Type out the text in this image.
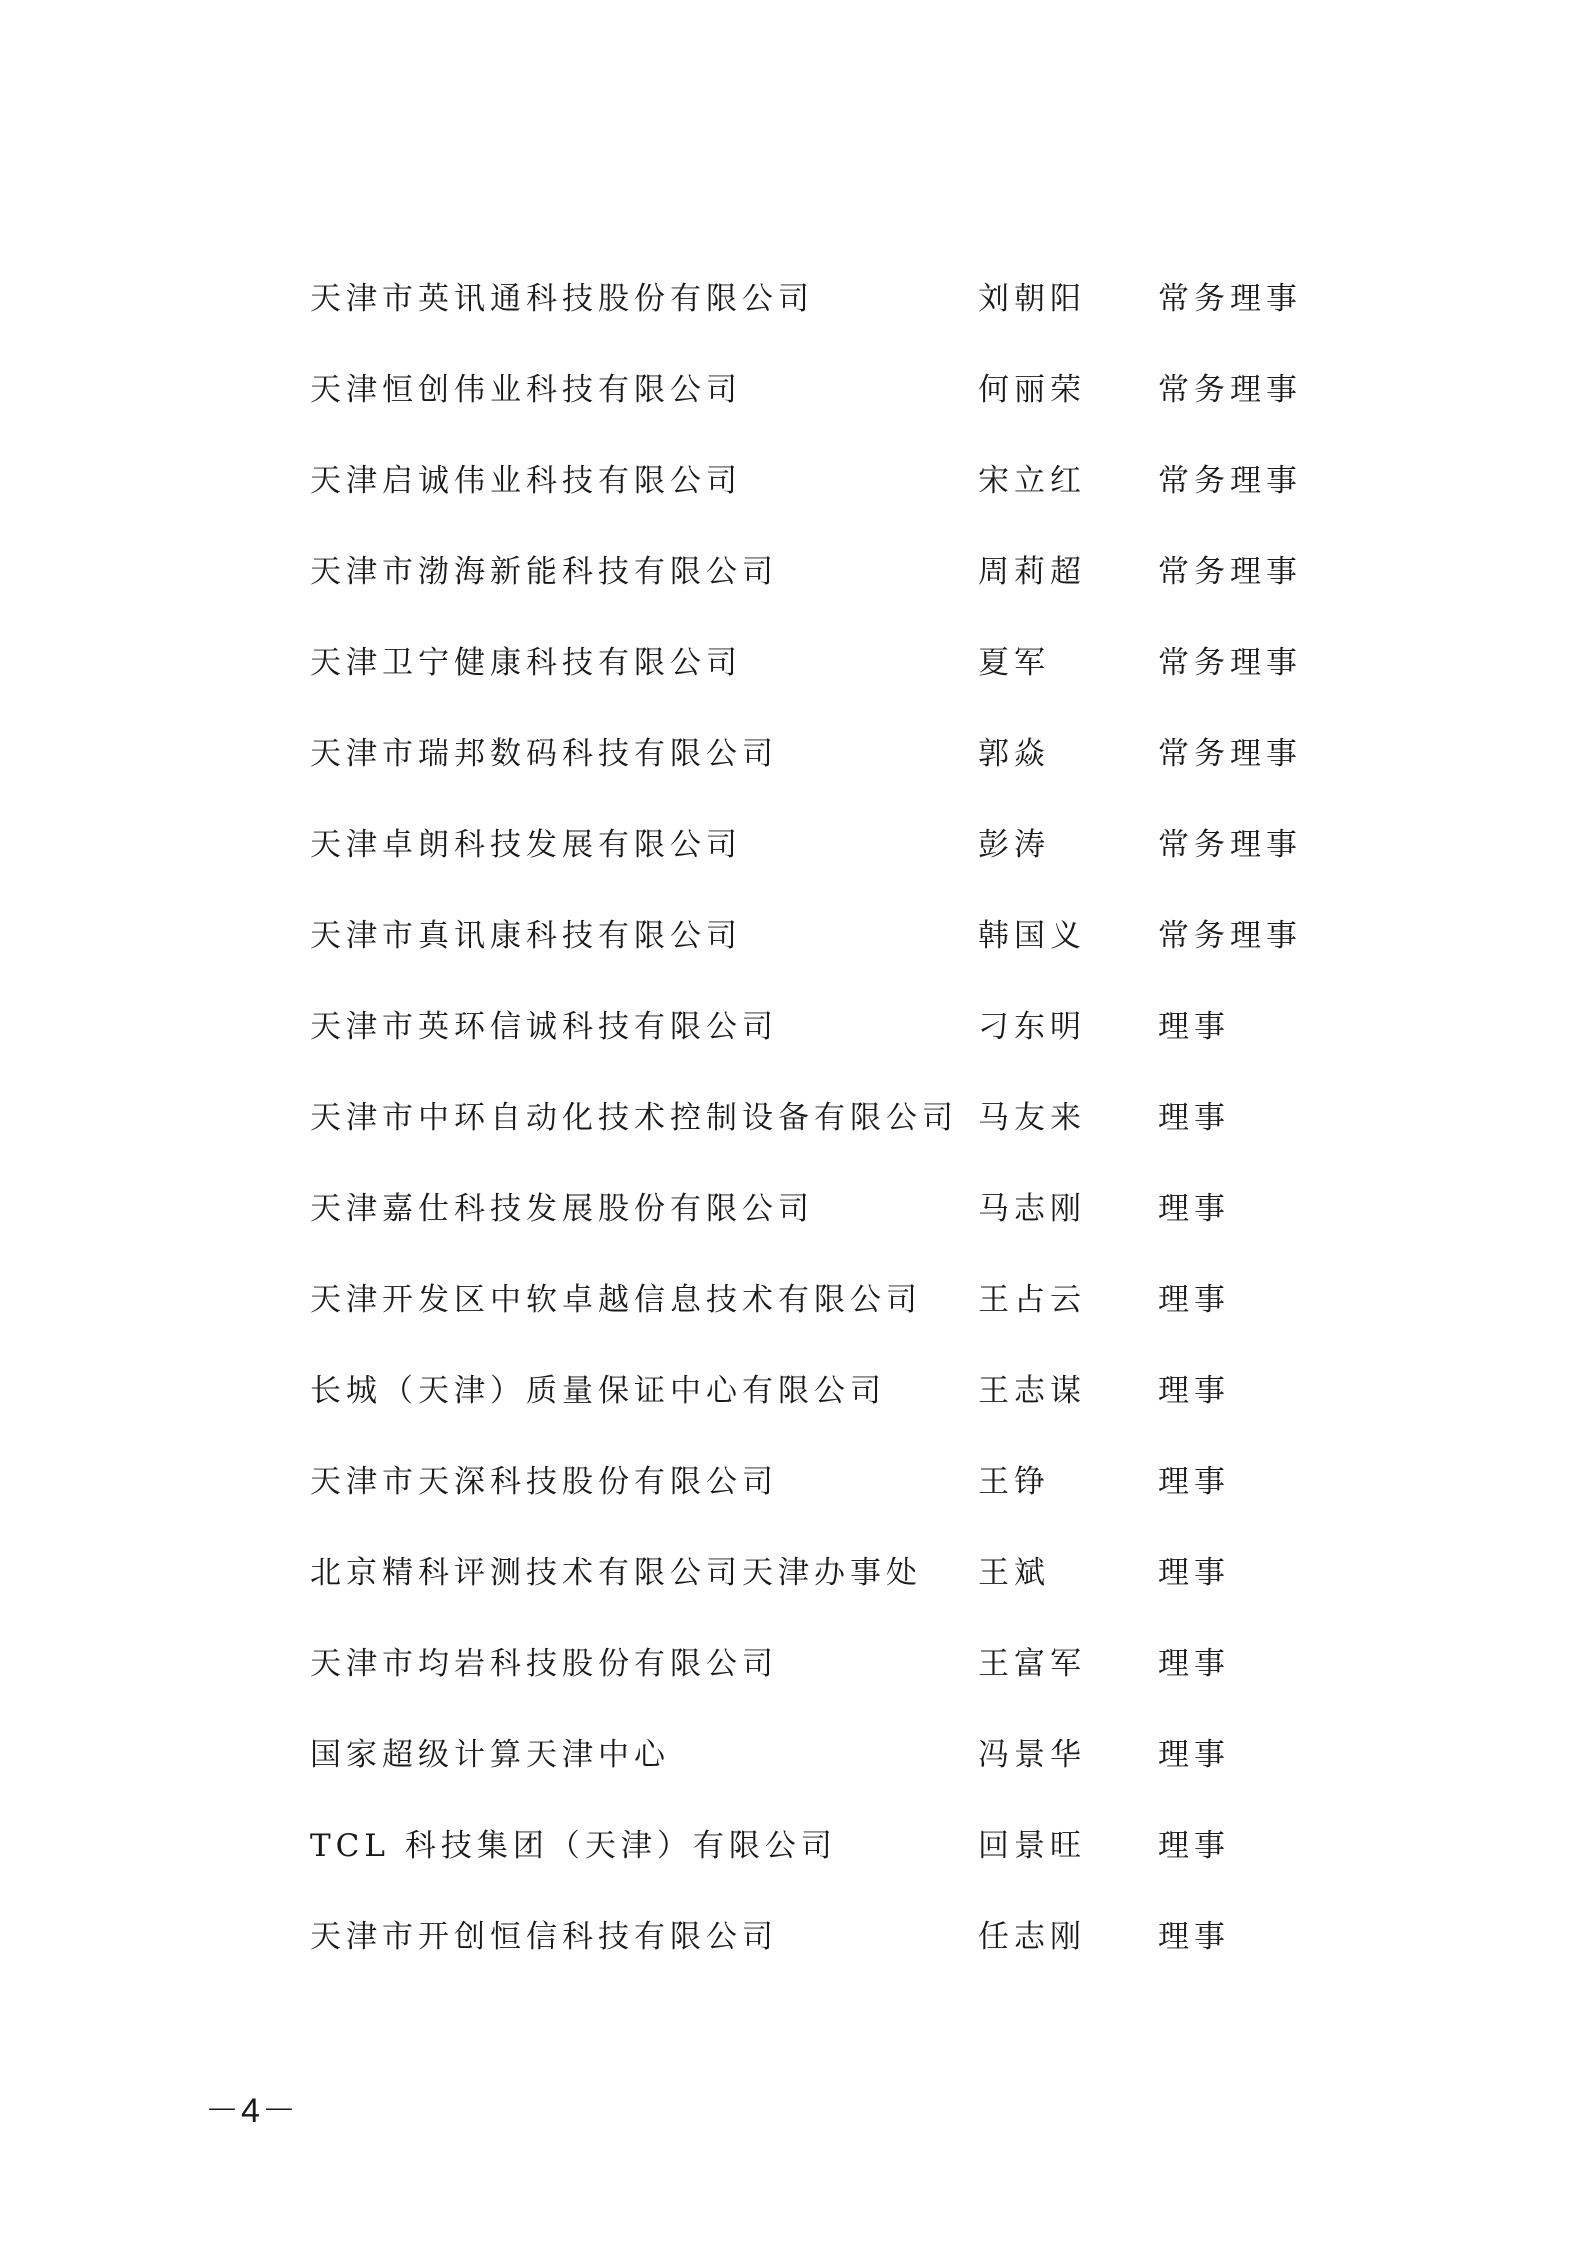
天津市英讯通科技股份有限公司	刘朝阳 常务理事
天津恒创伟业科技有限公司	何丽荣 常务理事
天津启诚伟业科技有限公司	宋立红 常务理事
天津市渤海新能科技有限公司	周莉超 常务理事
天津卫宁健康科技有限公司	夏军	常务理事
天津市瑞邦数码科技有限公司	郭焱	常务理事
天津卓朗科技发展有限公司	彭涛	常务理事
天津市真讯康科技有限公司	韩国义 常务理事
天津市英环信诚科技有限公司	刁东明 理事
天津市中环自动化技术控制设备有限公司 马友来 理事
天津嘉仕科技发展股份有限公司	马志刚 理事
天津开发区中软卓越信息技术有限公司 王占云 理事
长城（天津）质量保证中心有限公司	王志谋 理事
天津市天深科技股份有限公司	王铮	理事
北京精科评测技术有限公司天津办事处 王斌	理事
天津市均岩科技股份有限公司	王富军 理事
国家超级计算天津中心	冯景华 理事
TCL 科技集团（天津）有限公司	回景旺 理事
天津市开创恒信科技有限公司	任志刚 理事
－4－
